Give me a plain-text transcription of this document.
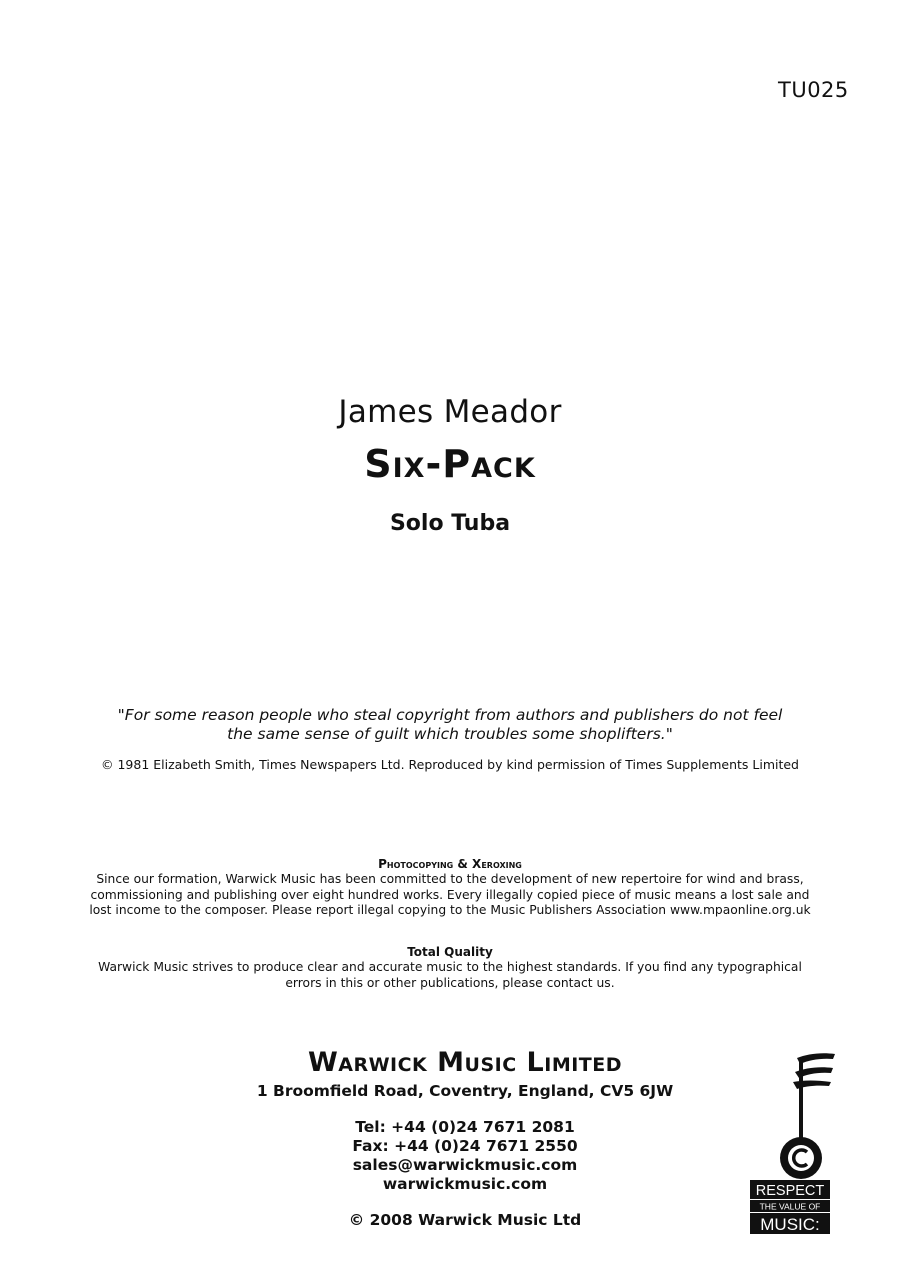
TU025
James Meador
Six-Pack
Solo Tuba
"For some reason people who steal copyright from authors and publishers do not feel
the same sense of guilt which troubles some shoplifters."
© 1981 Elizabeth Smith, Times Newspapers Ltd. Reproduced by kind permission of Times Supplements Limited
Photocopying & Xeroxing
Since our formation, Warwick Music has been committed to the development of new repertoire for wind and brass,
commissioning and publishing over eight hundred works. Every illegally copied piece of music means a lost sale and
lost income to the composer. Please report illegal copying to the Music Publishers Association www.mpaonline.org.uk
Total Quality
Warwick Music strives to produce clear and accurate music to the highest standards. If you find any typographical
errors in this or other publications, please contact us.
Warwick Music Limited
1 Broomfield Road, Coventry, England, CV5 6JW
Tel: +44 (0)24 7671 2081
Fax: +44 (0)24 7671 2550
sales@warwickmusic.com
warwickmusic.com
© 2008 Warwick Music Ltd
RESPECT
THE VALUE OF
MUSIC:
